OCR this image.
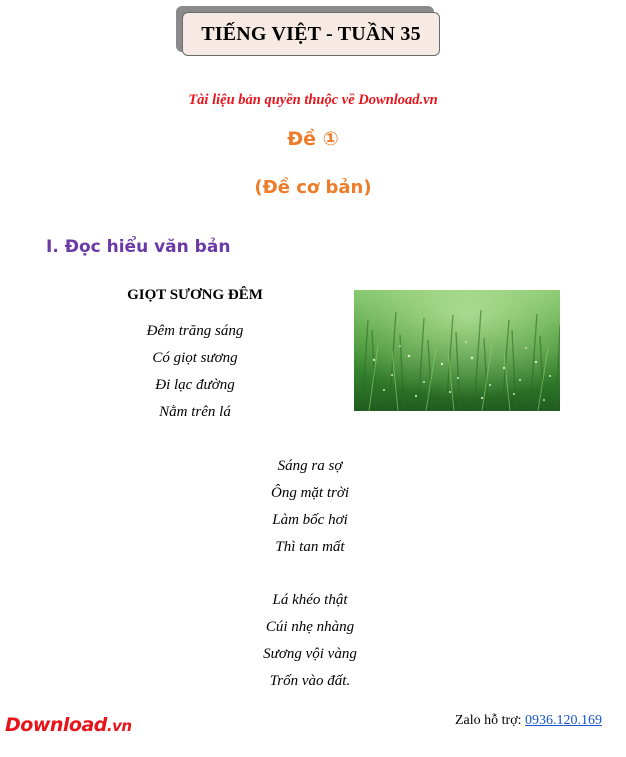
TIẾNG VIỆT - TUẦN 35
Tài liệu bản quyền thuộc về Download.vn
Đề ①
(Đề cơ bản)
I. Đọc hiểu văn bản
GIỌT SƯƠNG ĐÊM
Đêm trăng sáng
Có giọt sương
Đi lạc đường
Nằm trên lá
Sáng ra sợ
Ông mặt trời
Làm bốc hơi
Thì tan mất
Lá khéo thật
Cúi nhẹ nhàng
Sương vội vàng
Trốn vào đất.
Download.vn	Zalo hỗ trợ: 0936.120.169
